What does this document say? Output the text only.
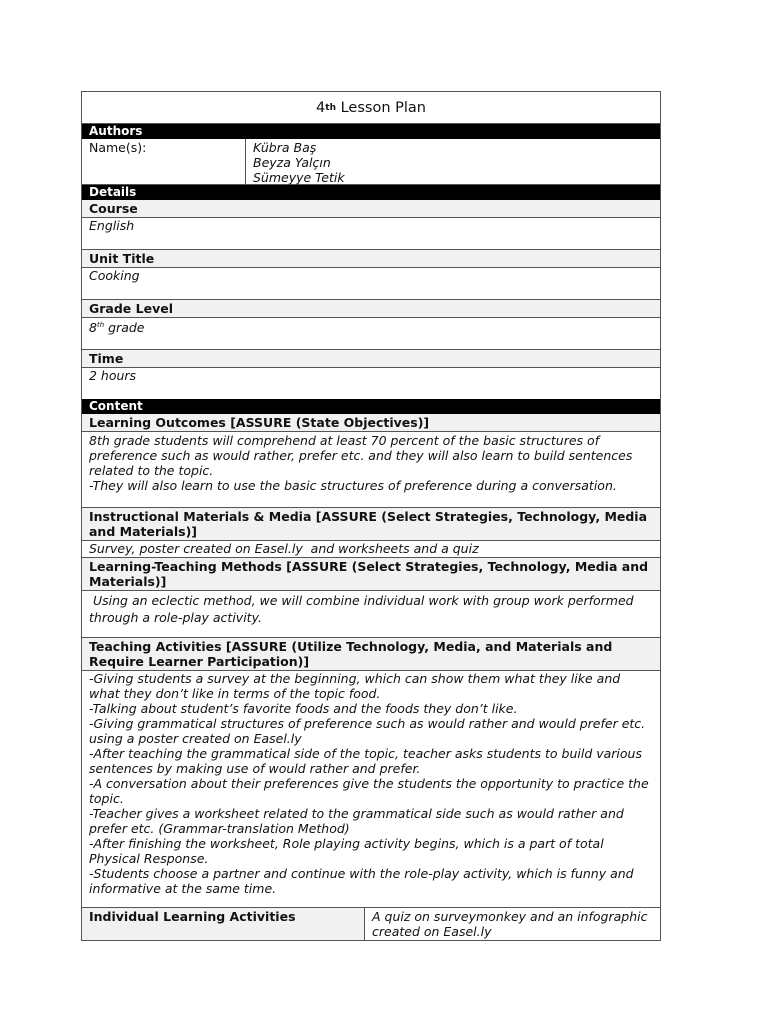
4 th Lesson Plan
Authors
Name(s):	Kübra Baş
Beyza Yalçın
Sümeyye Tetik
Details
Course
English
Unit Title
Cooking
Grade Level
8th grade
Time
2 hours
Content
Learning Outcomes [ASSURE (State Objectives)]
8th grade students will comprehend at least 70 percent of the basic structures of
preference such as would rather, prefer etc. and they will also learn to build sentences
related to the topic.
-They will also learn to use the basic structures of preference during a conversation.
Instructional Materials & Media [ASSURE (Select Strategies, Technology, Media
and Materials)]
Survey, poster created on Easel.ly  and worksheets and a quiz
Learning-Teaching Methods [ASSURE (Select Strategies, Technology, Media and
Materials)]
Using an eclectic method, we will combine individual work with group work performed
through a role-play activity.
Teaching Activities [ASSURE (Utilize Technology, Media, and Materials and
Require Learner Participation)]
-Giving students a survey at the beginning, which can show them what they like and
what they don’t like in terms of the topic food.
-Talking about student’s favorite foods and the foods they don’t like.
-Giving grammatical structures of preference such as would rather and would prefer etc.
using a poster created on Easel.ly
-After teaching the grammatical side of the topic, teacher asks students to build various
sentences by making use of would rather and prefer.
-A conversation about their preferences give the students the opportunity to practice the
topic.
-Teacher gives a worksheet related to the grammatical side such as would rather and
prefer etc. (Grammar-translation Method)
-After finishing the worksheet, Role playing activity begins, which is a part of total
Physical Response.
-Students choose a partner and continue with the role-play activity, which is funny and
informative at the same time.
Individual Learning Activities	A quiz on surveymonkey and an infographic
created on Easel.ly
